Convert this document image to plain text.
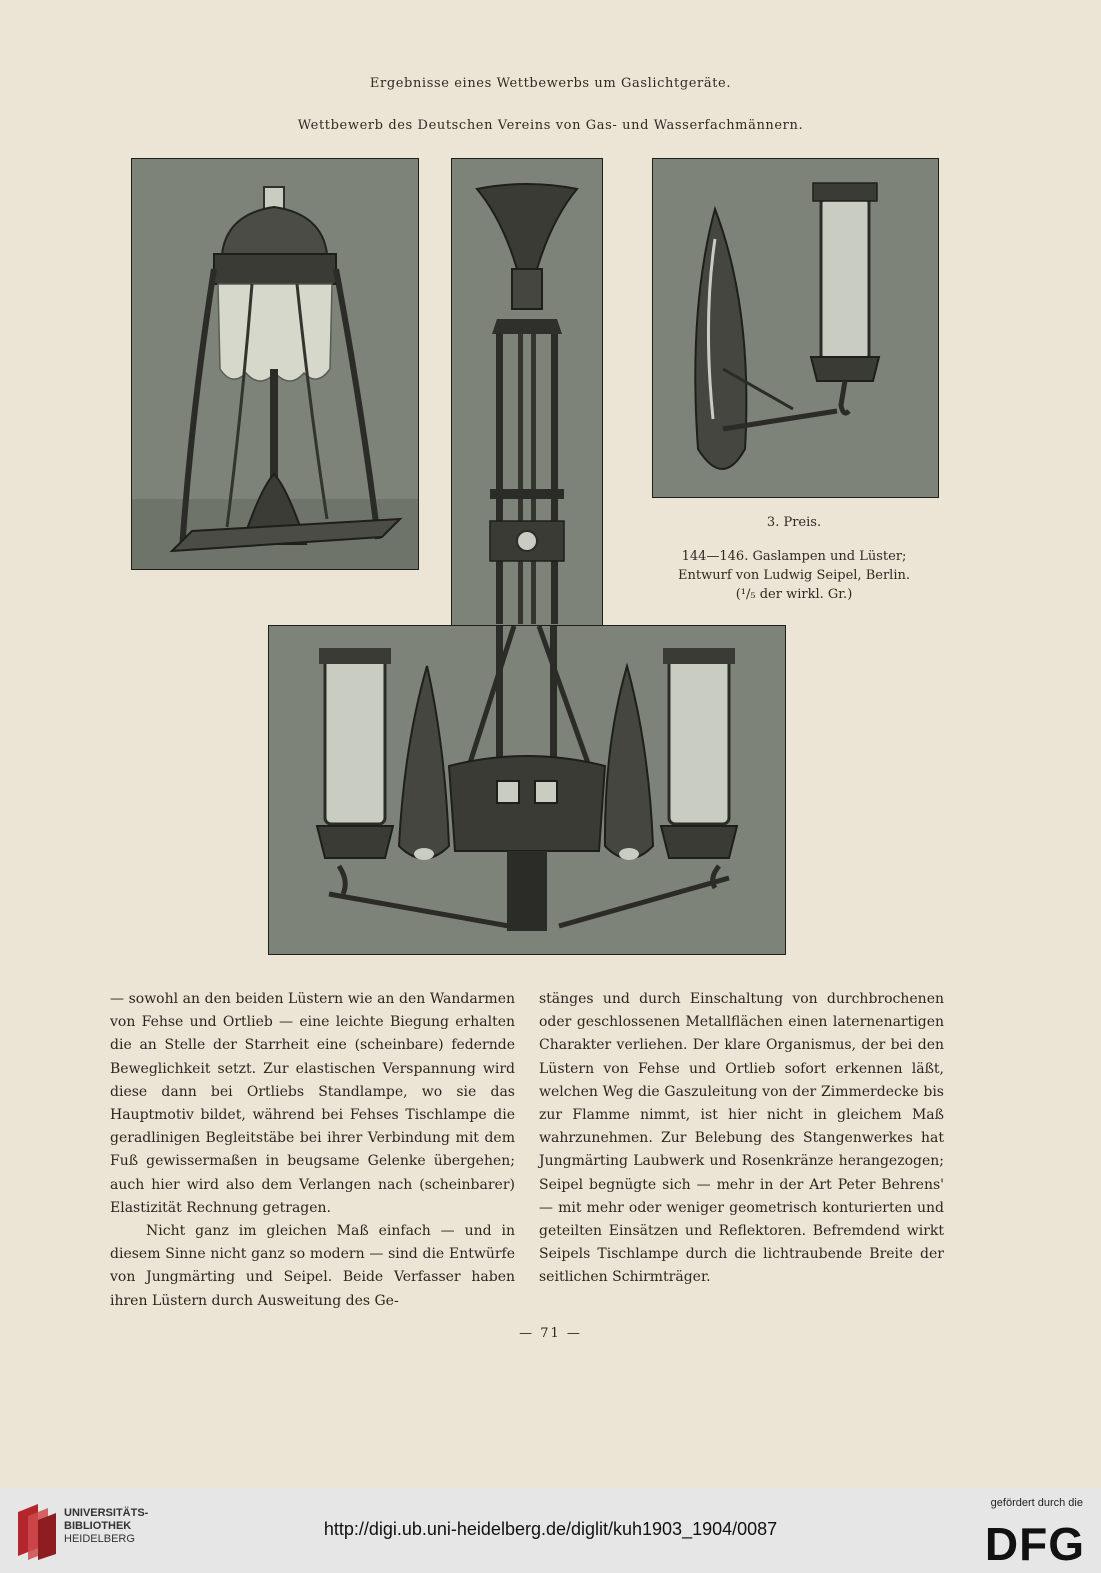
Ergebnisse eines Wettbewerbs um Gaslichtgeräte.
Wettbewerb des Deutschen Vereins von Gas- und Wasserfachmännern.
3. Preis.
144—146. Gaslampen und Lüster;
Entwurf von Ludwig Seipel, Berlin.
(¹/₅ der wirkl. Gr.)

— sowohl an den beiden Lüstern wie an den Wandarmen von Fehse und Ortlieb — eine leichte Biegung erhalten die an Stelle der Starrheit eine (scheinbare) federnde Beweglichkeit setzt. Zur elastischen Verspannung wird diese dann bei Ortliebs Standlampe, wo sie das Hauptmotiv bildet, während bei Fehses Tischlampe die geradlinigen Begleitstäbe bei ihrer Verbindung mit dem Fuß gewissermaßen in beugsame Gelenke übergehen; auch hier wird also dem Verlangen nach (scheinbarer) Elastizität Rechnung getragen.

Nicht ganz im gleichen Maß einfach — und in diesem Sinne nicht ganz so modern — sind die Entwürfe von Jungmärting und Seipel. Beide Verfasser haben ihren Lüstern durch Ausweitung des Ge-

stänges und durch Einschaltung von durchbrochenen oder geschlossenen Metallflächen einen laternenartigen Charakter verliehen. Der klare Organismus, der bei den Lüstern von Fehse und Ortlieb sofort erkennen läßt, welchen Weg die Gaszuleitung von der Zimmerdecke bis zur Flamme nimmt, ist hier nicht in gleichem Maß wahrzunehmen. Zur Belebung des Stangenwerkes hat Jungmärting Laubwerk und Rosenkränze herangezogen; Seipel begnügte sich — mehr in der Art Peter Behrens' — mit mehr oder weniger geometrisch konturierten und geteilten Einsätzen und Reflektoren. Befremdend wirkt Seipels Tischlampe durch die lichtraubende Breite der seitlichen Schirmträger.

— 71 —
UNIVERSITÄTS-
BIBLIOTHEK
HEIDELBERG	http://digi.ub.uni-heidelberg.de/diglit/kuh1903_1904/0087
gefördert durch die
DFG
